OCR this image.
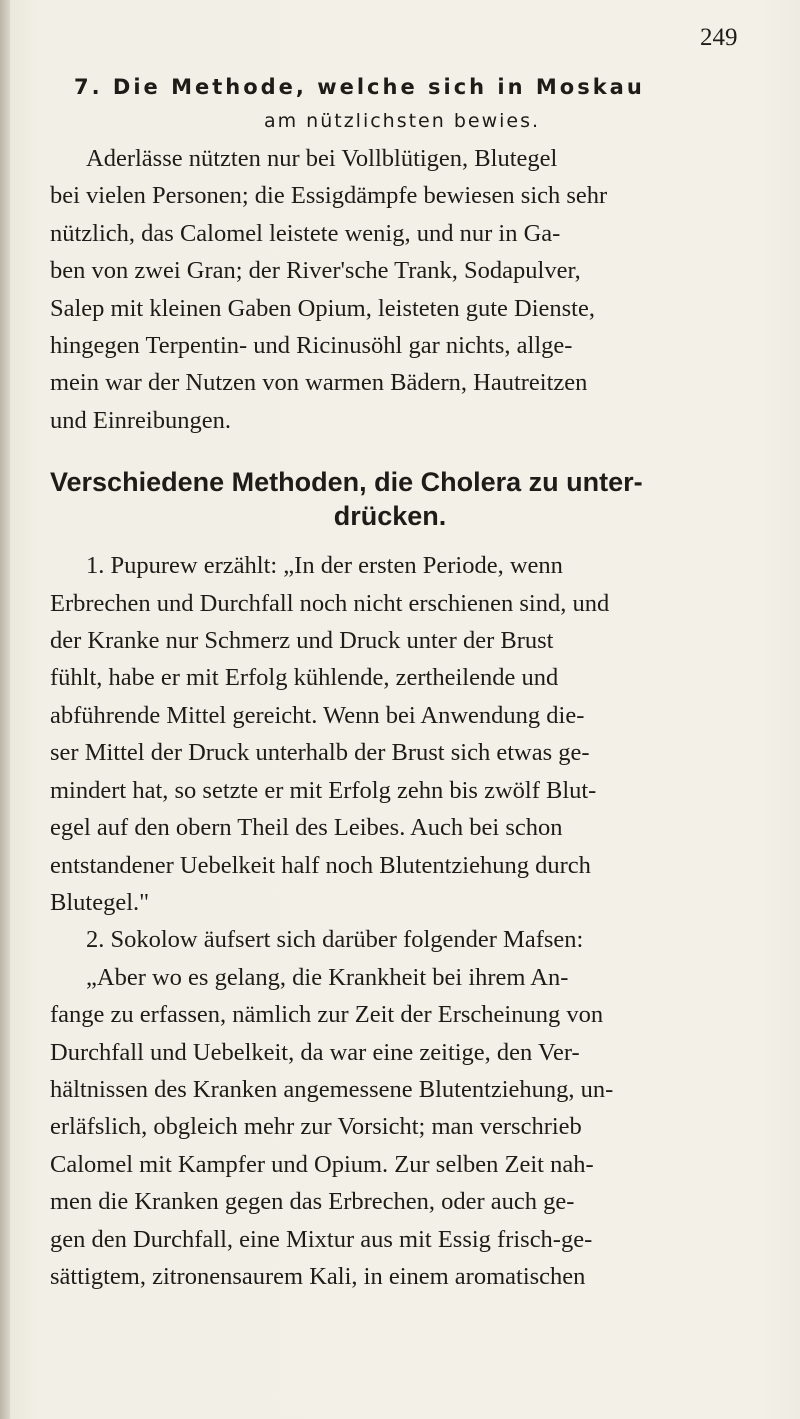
249
7. Die Methode, welche sich in Moskau
am nützlichsten bewies.

Aderlässe nützten nur bei Vollblütigen, Blutegel

bei vielen Personen; die Essigdämpfe bewiesen sich sehr

nützlich, das Calomel leistete wenig, und nur in Ga-

ben von zwei Gran; der River'sche Trank, Sodapulver,

Salep mit kleinen Gaben Opium, leisteten gute Dienste,

hingegen Terpentin- und Ricinusöhl gar nichts, allge-

mein war der Nutzen von warmen Bädern, Hautreitzen

und Einreibungen.

Verschiedene Methoden, die Cholera zu unter-
drücken.

1. Pupurew erzählt: „In der ersten Periode, wenn

Erbrechen und Durchfall noch nicht erschienen sind, und

der Kranke nur Schmerz und Druck unter der Brust

fühlt, habe er mit Erfolg kühlende, zertheilende und

abführende Mittel gereicht. Wenn bei Anwendung die-

ser Mittel der Druck unterhalb der Brust sich etwas ge-

mindert hat, so setzte er mit Erfolg zehn bis zwölf Blut-

egel auf den obern Theil des Leibes. Auch bei schon

entstandener Uebelkeit half noch Blutentziehung durch

Blutegel."

2. Sokolow äufsert sich darüber folgender Mafsen:

„Aber wo es gelang, die Krankheit bei ihrem An-

fange zu erfassen, nämlich zur Zeit der Erscheinung von

Durchfall und Uebelkeit, da war eine zeitige, den Ver-

hältnissen des Kranken angemessene Blutentziehung, un-

erläfslich, obgleich mehr zur Vorsicht; man verschrieb

Calomel mit Kampfer und Opium. Zur selben Zeit nah-

men die Kranken gegen das Erbrechen, oder auch ge-

gen den Durchfall, eine Mixtur aus mit Essig frisch-ge-

sättigtem, zitronensaurem Kali, in einem aromatischen
